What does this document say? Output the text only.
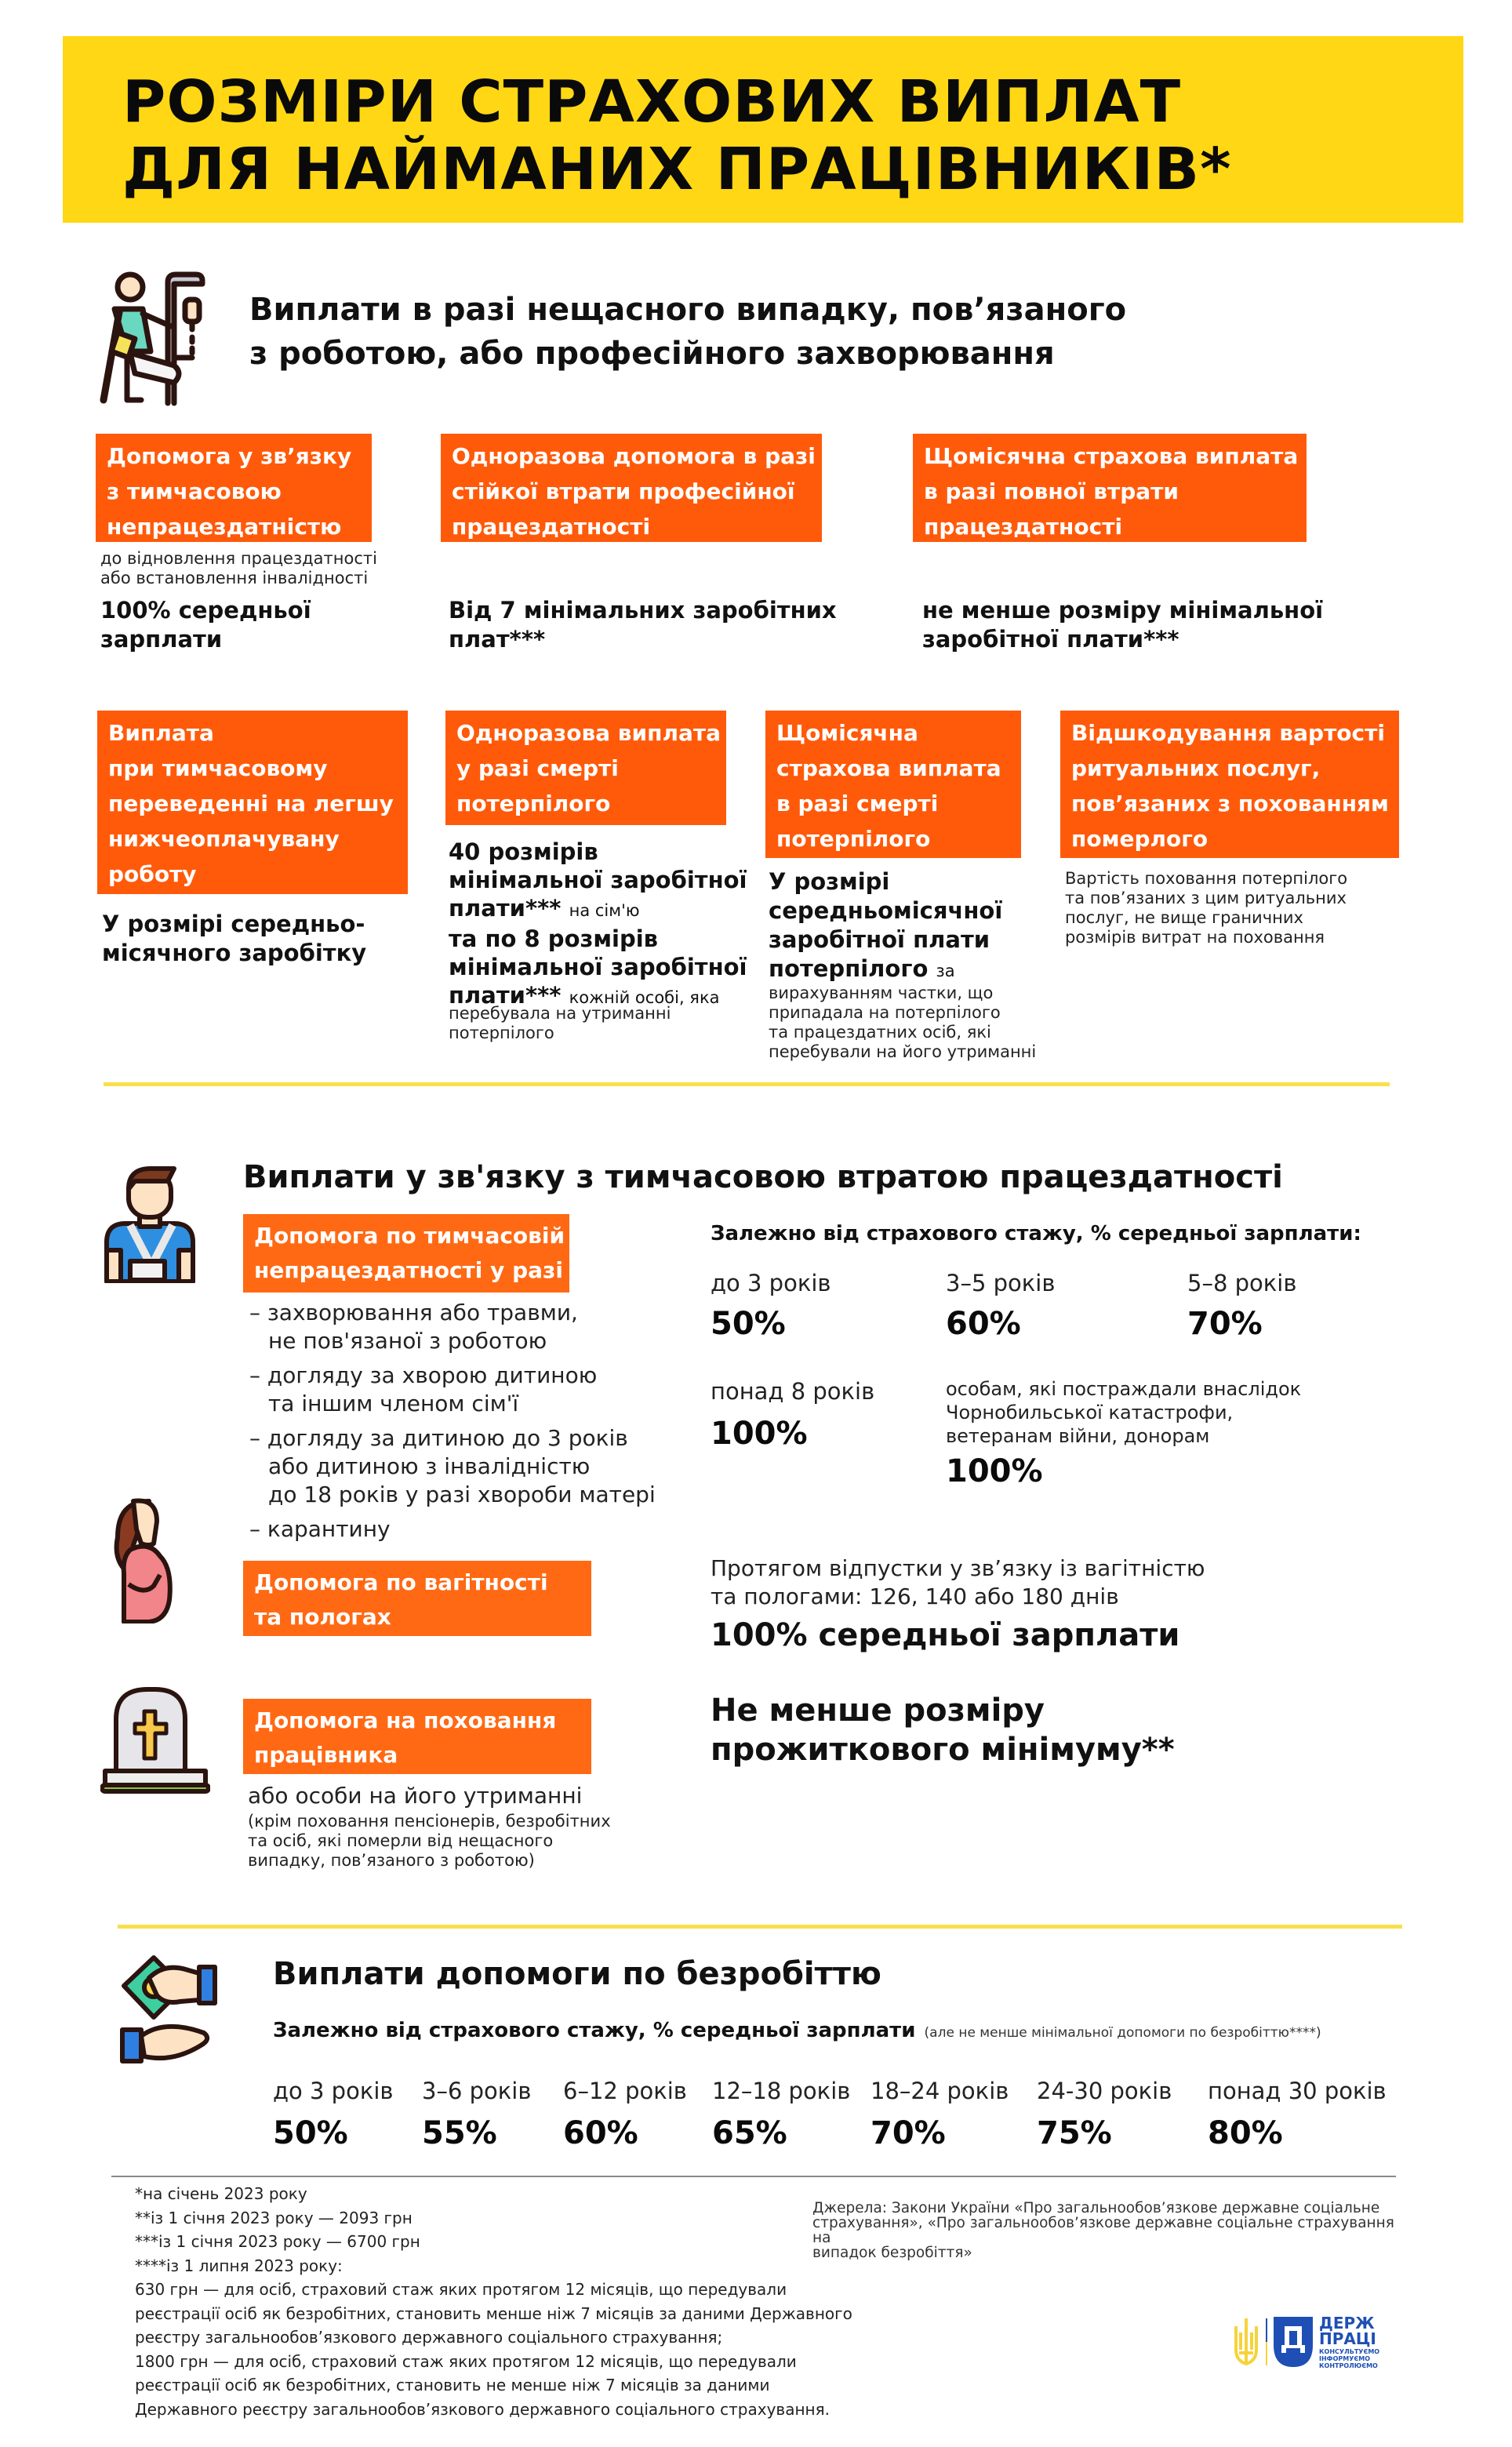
РОЗМІРИ СТРАХОВИХ ВИПЛАТ
ДЛЯ НАЙМАНИХ ПРАЦІВНИКІВ*
Виплати в разі нещасного випадку, пов’язаного
з роботою, або професійного захворювання
Допомога у зв’язку
з тимчасовою
непрацездатністю
до відновлення працездатності
або встановлення інвалідності
100% середньої
зарплати
Одноразова допомога в разі
стійкої втрати професійної
працездатності
Від 7 мінімальних заробітних
плат***
Щомісячна страхова виплата
в разі повної втрати
працездатності
не менше розміру мінімальної
заробітної плати***
Виплата
при тимчасовому
переведенні на легшу
нижчеоплачувану
роботу
У розмірі середньо-
місячного заробітку
Одноразова виплата
у разі смерті
потерпілого
40 розмірів
мінімальної заробітної
плати*** на сім'ю
та по 8 розмірів
мінімальної заробітної
плати*** кожній особі, яка
перебувала на утриманні
потерпілого
Щомісячна
страхова виплата
в разі смерті
потерпілого
У розмірі
середньомісячної
заробітної плати
потерпілого за
вирахуванням частки, що
припадала на потерпілого
та працездатних осіб, які
перебували на його утриманні
Відшкодування вартості
ритуальних послуг,
пов’язаних з похованням
померлого
Вартість поховання потерпілого
та пов’язаних з цим ритуальних
послуг, не вище граничних
розмірів витрат на поховання
Виплати у зв'язку з тимчасовою втратою працездатності
Допомога по тимчасовій
непрацездатності у разі
– захворювання або травми,
не пов'язаної з роботою
– догляду за хворою дитиною
та іншим членом сім'ї
– догляду за дитиною до 3 років
або дитиною з інвалідністю
до 18 років у разі хвороби матері
– карантину
Залежно від страхового стажу, % середньої зарплати:
до 3 років
50%
3–5 років
60%
5–8 років
70%
понад 8 років
100%
особам, які постраждали внаслідок
Чорнобильської катастрофи,
ветеранам війни, донорам
100%
Допомога по вагітності
та пологах
Протягом відпустки у зв’язку із вагітністю
та пологами: 126, 140 або 180 днів
100% середньої зарплати
Допомога на поховання
працівника
або особи на його утриманні
(крім поховання пенсіонерів, безробітних
та осіб, які померли від нещасного
випадку, пов’язаного з роботою)
Не менше розміру
прожиткового мінімуму**
Виплати допомоги по безробіттю
Залежно від страхового стажу, % середньої зарплати (але не менше мінімальної допомоги по безробіттю****)
до 3 років
50%
3–6 років
55%
6–12 років
60%
12–18 років
65%
18–24 років
70%
24-30 років
75%
понад 30 років
80%
*на січень 2023 року
**із 1 січня 2023 року — 2093 грн
***із 1 січня 2023 року — 6700 грн
****із 1 липня 2023 року:
630 грн — для осіб, страховий стаж яких протягом 12 місяців, що передували
реєстрації осіб як безробітних, становить менше ніж 7 місяців за даними Державного
реєстру загальнообов’язкового державного соціального страхування;
1800 грн — для осіб, страховий стаж яких протягом 12 місяців, що передували
реєстрації осіб як безробітних, становить не менше ніж 7 місяців за даними
Державного реєстру загальнообов’язкового державного соціального страхування.
Джерела: Закони України «Про загальнообов’язкове державне соціальне
страхування», «Про загальнообов’язкове державне соціальне страхування на
випадок безробіття»
ДЕРЖ
ПРАЦІ
КОНСУЛЬТУЄМО
ІНФОРМУЄМО
КОНТРОЛЮЄМО
